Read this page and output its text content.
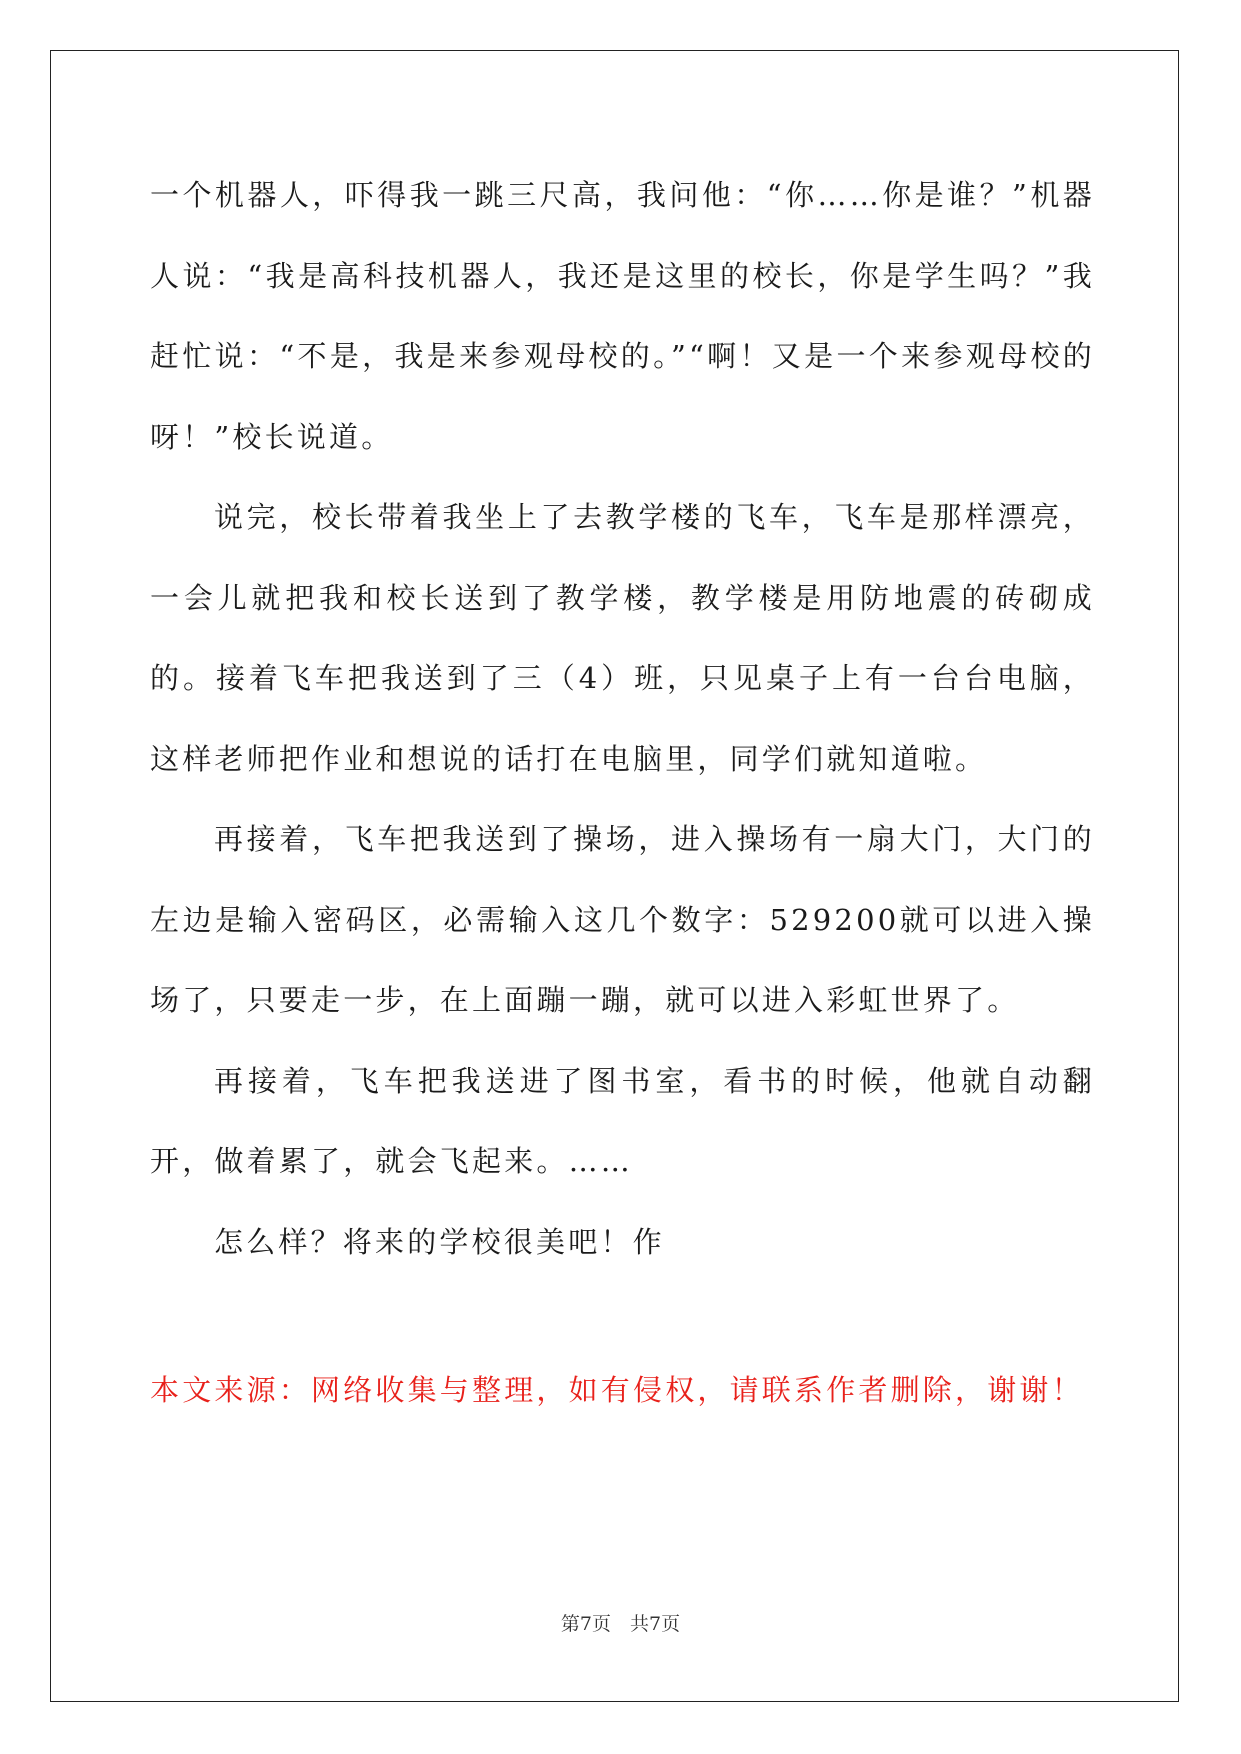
一个机器人，吓得我一跳三尺高，我问他：“你……你是谁？”机器人说：“我是高科技机器人，我还是这里的校长，你是学生吗？”我赶忙说：“不是，我是来参观母校的。”“啊！又是一个来参观母校的呀！”校长说道。

说完，校长带着我坐上了去教学楼的飞车，飞车是那样漂亮，一会儿就把我和校长送到了教学楼，教学楼是用防地震的砖砌成的。接着飞车把我送到了三（4）班，只见桌子上有一台台电脑，这样老师把作业和想说的话打在电脑里，同学们就知道啦。

再接着，飞车把我送到了操场，进入操场有一扇大门，大门的左边是输入密码区，必需输入这几个数字：529200就可以进入操场了，只要走一步，在上面蹦一蹦，就可以进入彩虹世界了。

再接着，飞车把我送进了图书室，看书的时候，他就自动翻开，做着累了，就会飞起来。……

怎么样？将来的学校很美吧！作

本文来源：网络收集与整理，如有侵权，请联系作者删除，谢谢！

第7页　共7页
